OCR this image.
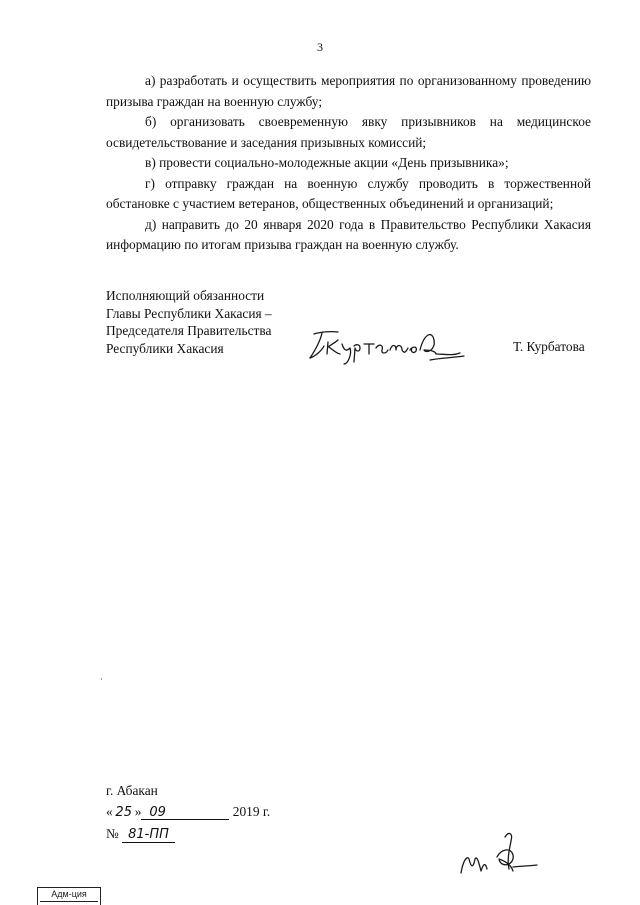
3

а) разработать и осуществить мероприятия по организованному проведению призыва граждан на военную службу;

б) организовать своевременную явку призывников на медицинское освидетельствование и заседания призывных комиссий;

в) провести социально-молодежные акции «День призывника»;

г) отправку граждан на военную службу проводить в торжественной обстановке с участием ветеранов, общественных объединений и организаций;

д) направить до 20 января 2020 года в Правительство Республики Хакасия информацию по итогам призыва граждан на военную службу.

Исполняющий обязанности
Главы Республики Хакасия –
Председателя Правительства
Республики Хакасия	Т. Курбатова
г. Абакан
« 25 » 09	2019 г.
№ 81-ПП
Адм-ция
